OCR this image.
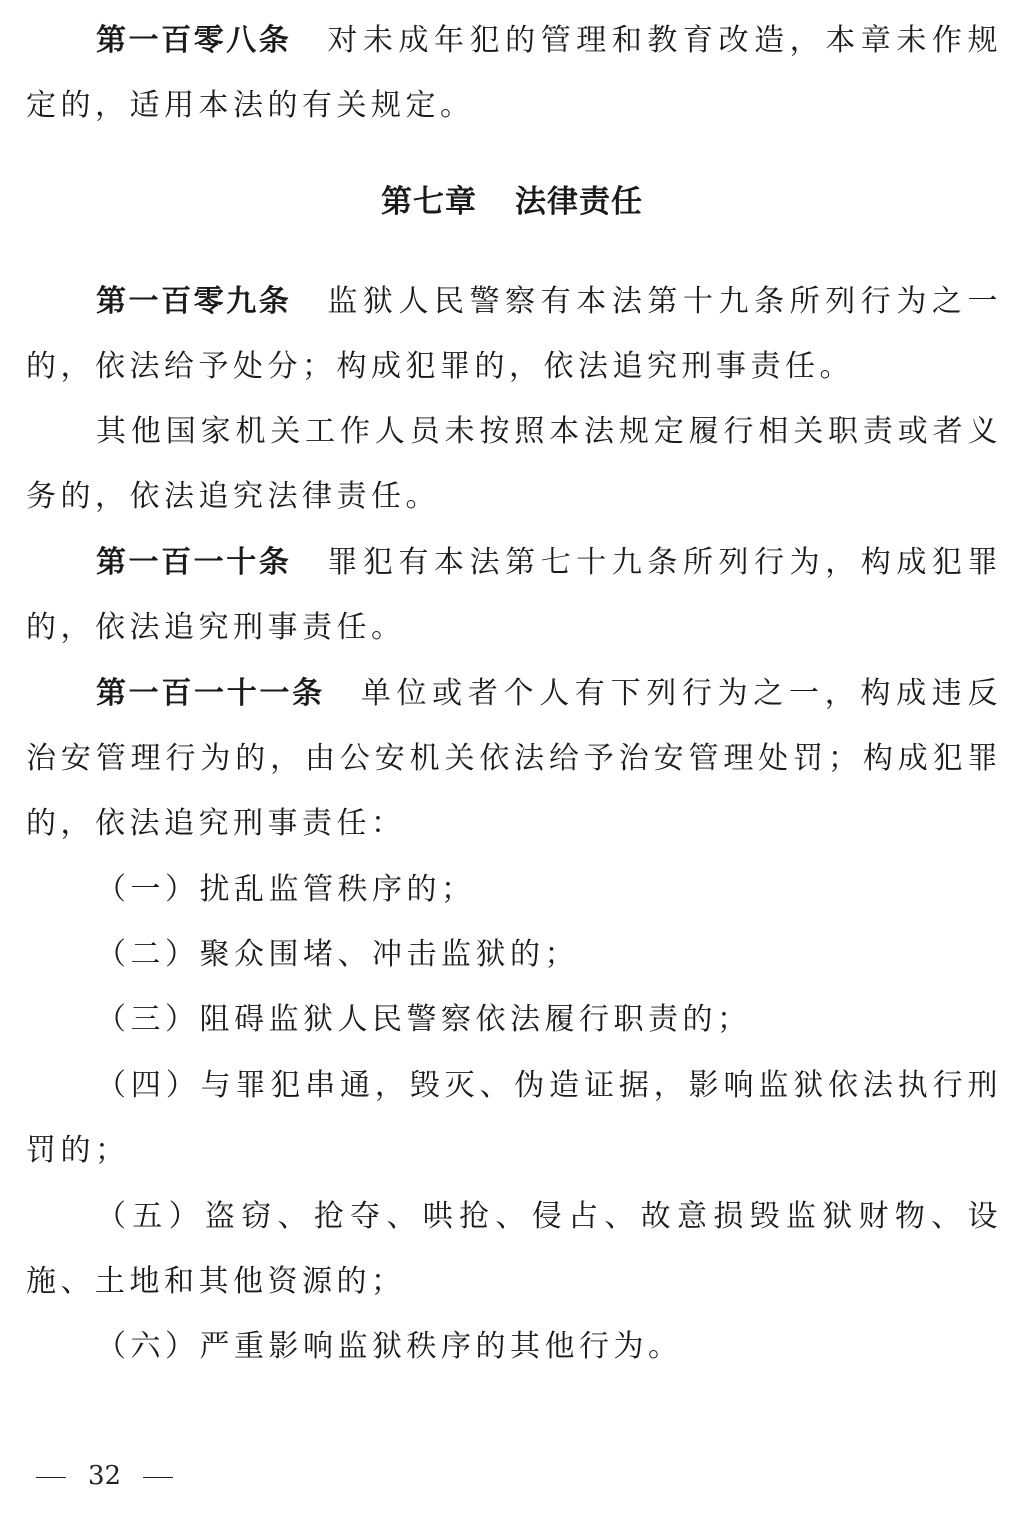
第一百零八条 对未成年犯的管理和教育改造，本章未作规定的，适用本法的有关规定。

第七章 法律责任

第一百零九条 监狱人民警察有本法第十九条所列行为之一的，依法给予处分；构成犯罪的，依法追究刑事责任。

其他国家机关工作人员未按照本法规定履行相关职责或者义务的，依法追究法律责任。

第一百一十条 罪犯有本法第七十九条所列行为，构成犯罪的，依法追究刑事责任。

第一百一十一条 单位或者个人有下列行为之一，构成违反治安管理行为的，由公安机关依法给予治安管理处罚；构成犯罪的，依法追究刑事责任：

（一）扰乱监管秩序的；

（二）聚众围堵、冲击监狱的；

（三）阻碍监狱人民警察依法履行职责的；

（四）与罪犯串通，毁灭、伪造证据，影响监狱依法执行刑罚的；

（五）盗窃、抢夺、哄抢、侵占、故意损毁监狱财物、设施、土地和其他资源的；

（六）严重影响监狱秩序的其他行为。

32
